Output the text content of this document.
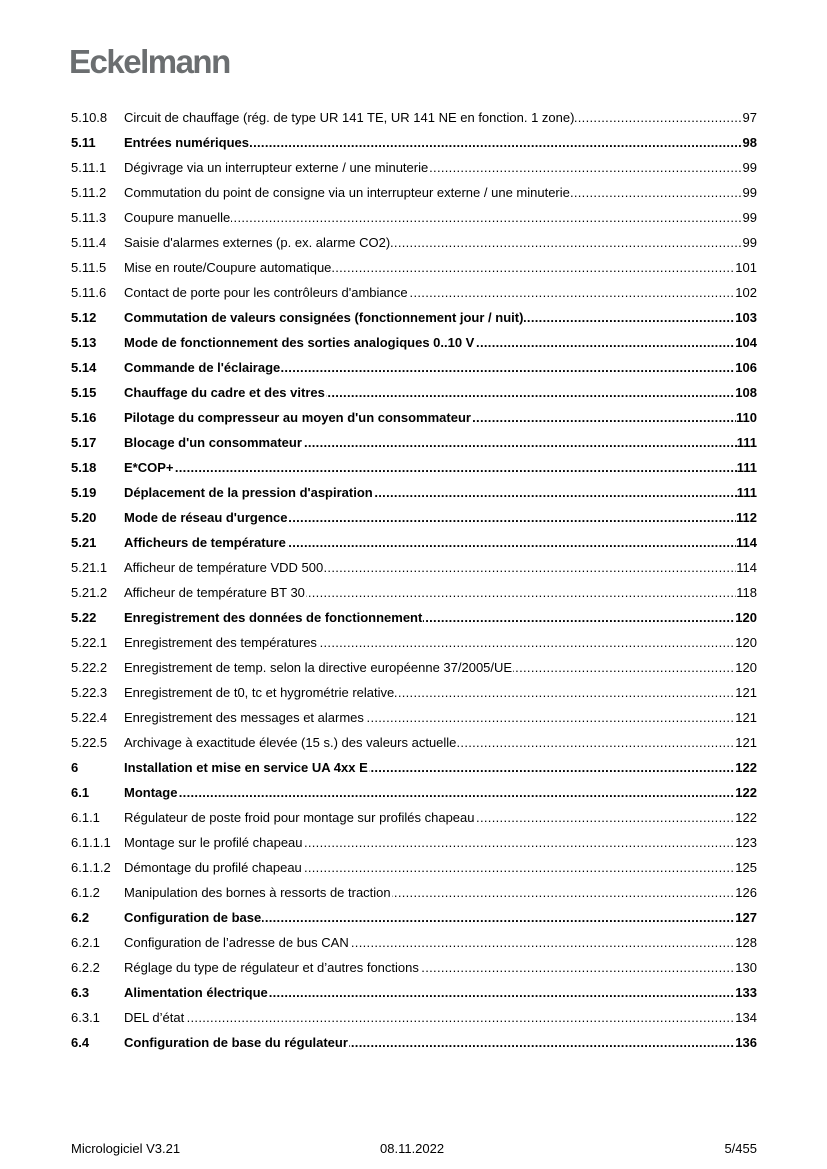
Eckelmann
5.10.8	Circuit de chauffage (rég. de type UR 141 TE, UR 141 NE en fonction. 1 zone) .....	97
5.11	Entrées numériques .....	98
5.11.1	Dégivrage via un interrupteur externe / une minuterie .....	99
5.11.2	Commutation du point de consigne via un interrupteur externe / une minuterie .....	99
5.11.3	Coupure manuelle .....	99
5.11.4	Saisie d'alarmes externes (p. ex. alarme CO2) .....	99
5.11.5	Mise en route/Coupure automatique .....	101
5.11.6	Contact de porte pour les contrôleurs d'ambiance .....	102
5.12	Commutation de valeurs consignées (fonctionnement jour / nuit) .....	103
5.13	Mode de fonctionnement des sorties analogiques 0..10 V .....	104
5.14	Commande de l'éclairage .....	106
5.15	Chauffage du cadre et des vitres .....	108
5.16	Pilotage du compresseur au moyen d'un consommateur .....	110
5.17	Blocage d'un consommateur .....	111
5.18	E*COP+ .....	111
5.19	Déplacement de la pression d'aspiration .....	111
5.20	Mode de réseau d'urgence .....	112
5.21	Afficheurs de température .....	114
5.21.1	Afficheur de température VDD 500 .....	114
5.21.2	Afficheur de température BT 30 .....	118
5.22	Enregistrement des données de fonctionnement .....	120
5.22.1	Enregistrement des températures .....	120
5.22.2	Enregistrement de temp. selon la directive européenne 37/2005/UE .....	120
5.22.3	Enregistrement de t0, tc et hygrométrie relative .....	121
5.22.4	Enregistrement des messages et alarmes .....	121
5.22.5	Archivage à exactitude élevée (15 s.) des valeurs actuelle .....	121
6	Installation et mise en service UA 4xx E .....	122
6.1	Montage .....	122
6.1.1	Régulateur de poste froid pour montage sur profilés chapeau .....	122
6.1.1.1	Montage sur le profilé chapeau .....	123
6.1.1.2	Démontage du profilé chapeau .....	125
6.1.2	Manipulation des bornes à ressorts de traction .....	126
6.2	Configuration de base .....	127
6.2.1	Configuration de l’adresse de bus CAN .....	128
6.2.2	Réglage du type de régulateur et d’autres fonctions .....	130
6.3	Alimentation électrique .....	133
6.3.1	DEL d’état .....	134
6.4	Configuration de base du régulateur .....	136
Micrologiciel V3.21	08.11.2022	5/455
